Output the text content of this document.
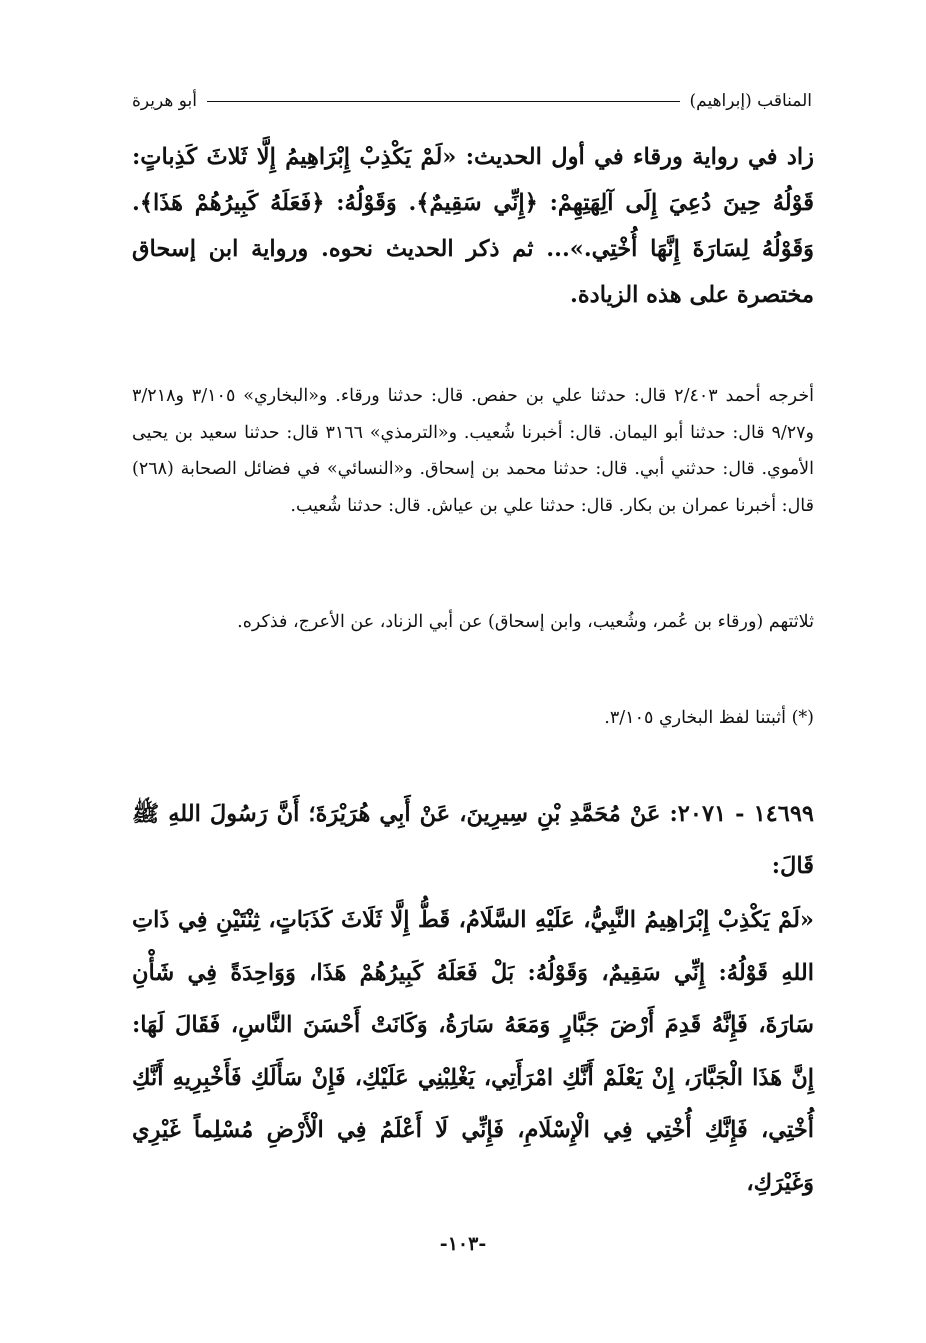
المناقب (إبراهيم)
أبو هريرة

زاد في رواية ورقاء في أول الحديث: «لَمْ يَكْذِبْ إِبْرَاهِيمُ إِلَّا ثَلاثَ كَذِباتٍ: قَوْلُهُ حِينَ دُعِيَ إِلَى آلِهَتِهِمْ: ﴿إِنِّي سَقِيمٌ﴾. وَقَوْلُهُ: ﴿فَعَلَهُ كَبِيرُهُمْ هَذَا﴾. وَقَوْلُهُ لِسَارَةَ إِنَّهَا أُخْتِي.»... ثم ذكر الحديث نحوه. ورواية ابن إسحاق مختصرة على هذه الزيادة.

أخرجه أحمد ٢/٤٠٣ قال: حدثنا علي بن حفص. قال: حدثنا ورقاء. و«البخاري» ٣/١٠٥ و٣/٢١٨ و٩/٢٧ قال: حدثنا أبو اليمان. قال: أخبرنا شُعيب. و«الترمذي» ٣١٦٦ قال: حدثنا سعيد بن يحيى الأموي. قال: حدثني أبي. قال: حدثنا محمد بن إسحاق. و«النسائي» في فضائل الصحابة (٢٦٨) قال: أخبرنا عمران بن بكار. قال: حدثنا علي بن عياش. قال: حدثنا شُعيب.

ثلاثتهم (ورقاء بن عُمر، وشُعيب، وابن إسحاق) عن أبي الزناد، عن الأعرج، فذكره.

(*) أثبتنا لفظ البخاري ٣/١٠٥.

١٤٦٩٩ - ٢٠٧١: عَنْ مُحَمَّدِ بْنِ سِيرِينَ، عَنْ أَبِي هُرَيْرَةَ؛ أَنَّ رَسُولَ اللهِ ﷺ قَالَ:

«لَمْ يَكْذِبْ إِبْرَاهِيمُ النَّبِيُّ، عَلَيْهِ السَّلَامُ، قَطُّ إِلَّا ثَلَاثَ كَذَبَاتٍ، ثِنْتَيْنِ فِي ذَاتِ اللهِ قَوْلُهُ: إِنِّي سَقِيمٌ، وَقَوْلُهُ: بَلْ فَعَلَهُ كَبِيرُهُمْ هَذَا، وَوَاحِدَةً فِي شَأْنِ سَارَةَ، فَإِنَّهُ قَدِمَ أَرْضَ جَبَّارٍ وَمَعَهُ سَارَةُ، وَكَانَتْ أَحْسَنَ النَّاسِ، فَقَالَ لَهَا: إِنَّ هَذَا الْجَبَّارَ، إِنْ يَعْلَمْ أَنَّكِ امْرَأَتِي، يَغْلِبْنِي عَلَيْكِ، فَإِنْ سَأَلَكِ فَأَخْبِرِيهِ أَنَّكِ أُخْتِي، فَإِنَّكِ أُخْتِي فِي الْإِسْلَامِ، فَإِنِّي لَا أَعْلَمُ فِي الْأَرْضِ مُسْلِماً غَيْرِي وَغَيْرَكِ،

-١٠٣-
